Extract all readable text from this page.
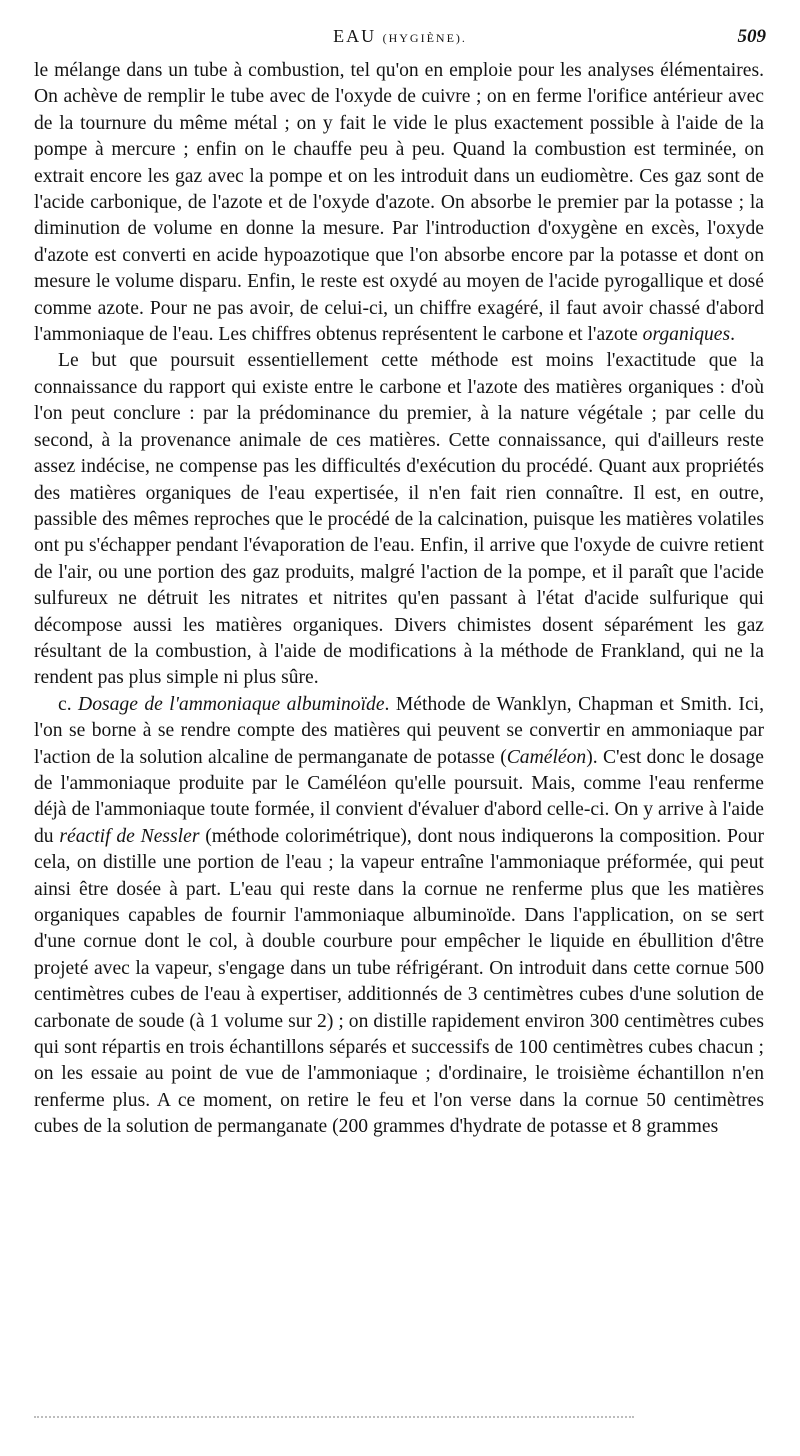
EAU (HYGIÈNE).	509

le mélange dans un tube à combustion, tel qu'on en emploie pour les analyses élémentaires. On achève de remplir le tube avec de l'oxyde de cuivre ; on en ferme l'orifice antérieur avec de la tournure du même métal ; on y fait le vide le plus exactement possible à l'aide de la pompe à mercure ; enfin on le chauffe peu à peu. Quand la combustion est terminée, on extrait encore les gaz avec la pompe et on les introduit dans un eudiomètre. Ces gaz sont de l'acide carbonique, de l'azote et de l'oxyde d'azote. On absorbe le premier par la potasse ; la diminution de volume en donne la mesure. Par l'introduction d'oxygène en excès, l'oxyde d'azote est converti en acide hypoazotique que l'on absorbe encore par la potasse et dont on mesure le volume disparu. Enfin, le reste est oxydé au moyen de l'acide pyrogallique et dosé comme azote. Pour ne pas avoir, de celui-ci, un chiffre exagéré, il faut avoir chassé d'abord l'ammoniaque de l'eau. Les chiffres obtenus représentent le carbone et l'azote organiques.

Le but que poursuit essentiellement cette méthode est moins l'exactitude que la connaissance du rapport qui existe entre le carbone et l'azote des matières organiques : d'où l'on peut conclure : par la prédominance du premier, à la nature végétale ; par celle du second, à la provenance animale de ces matières. Cette connaissance, qui d'ailleurs reste assez indécise, ne compense pas les difficultés d'exécution du procédé. Quant aux propriétés des matières organiques de l'eau expertisée, il n'en fait rien connaître. Il est, en outre, passible des mêmes reproches que le procédé de la calcination, puisque les matières volatiles ont pu s'échapper pendant l'évaporation de l'eau. Enfin, il arrive que l'oxyde de cuivre retient de l'air, ou une portion des gaz produits, malgré l'action de la pompe, et il paraît que l'acide sulfureux ne détruit les nitrates et nitrites qu'en passant à l'état d'acide sulfurique qui décompose aussi les matières organiques. Divers chimistes dosent séparément les gaz résultant de la combustion, à l'aide de modifications à la méthode de Frankland, qui ne la rendent pas plus simple ni plus sûre.

c. Dosage de l'ammoniaque albuminoïde. Méthode de Wanklyn, Chapman et Smith. Ici, l'on se borne à se rendre compte des matières qui peuvent se convertir en ammoniaque par l'action de la solution alcaline de permanganate de potasse (Caméléon). C'est donc le dosage de l'ammoniaque produite par le Caméléon qu'elle poursuit. Mais, comme l'eau renferme déjà de l'ammoniaque toute formée, il convient d'évaluer d'abord celle-ci. On y arrive à l'aide du réactif de Nessler (méthode colorimétrique), dont nous indiquerons la composition. Pour cela, on distille une portion de l'eau ; la vapeur entraîne l'ammoniaque préformée, qui peut ainsi être dosée à part. L'eau qui reste dans la cornue ne renferme plus que les matières organiques capables de fournir l'ammoniaque albuminoïde. Dans l'application, on se sert d'une cornue dont le col, à double courbure pour empêcher le liquide en ébullition d'être projeté avec la vapeur, s'engage dans un tube réfrigérant. On introduit dans cette cornue 500 centimètres cubes de l'eau à expertiser, additionnés de 3 centimètres cubes d'une solution de carbonate de soude (à 1 volume sur 2) ; on distille rapidement environ 300 centimètres cubes qui sont répartis en trois échantillons séparés et successifs de 100 centimètres cubes chacun ; on les essaie au point de vue de l'ammoniaque ; d'ordinaire, le troisième échantillon n'en renferme plus. A ce moment, on retire le feu et l'on verse dans la cornue 50 centimètres cubes de la solution de permanganate (200 grammes d'hydrate de potasse et 8 grammes
